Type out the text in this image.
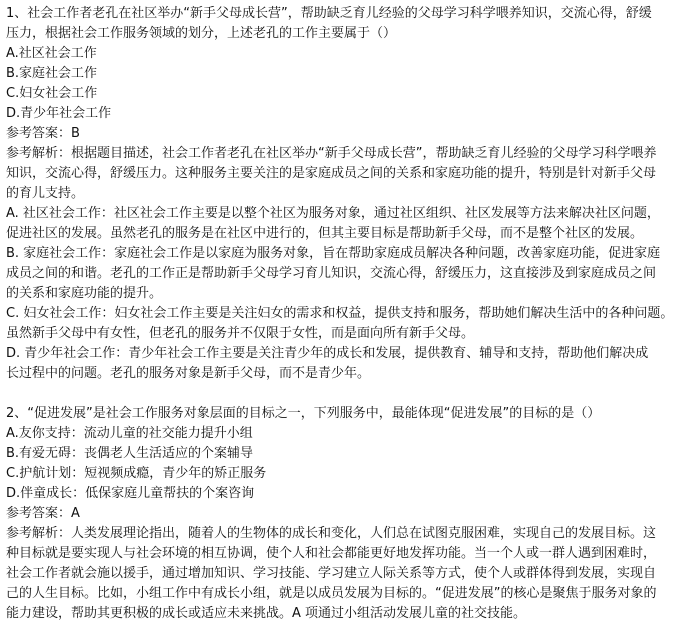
1、社会工作者老孔在社区举办“新手父母成长营”，帮助缺乏育儿经验的父母学习科学喂养知识，交流心得，舒缓
压力，根据社会工作服务领域的划分，上述老孔的工作主要属于（）
A.社区社会工作
B.家庭社会工作
C.妇女社会工作
D.青少年社会工作
参考答案：B
参考解析：根据题目描述，社会工作者老孔在社区举办“新手父母成长营”，帮助缺乏育儿经验的父母学习科学喂养
知识，交流心得，舒缓压力。这种服务主要关注的是家庭成员之间的关系和家庭功能的提升，特别是针对新手父母
的育儿支持。
A. 社区社会工作：社区社会工作主要是以整个社区为服务对象，通过社区组织、社区发展等方法来解决社区问题，
促进社区的发展。虽然老孔的服务是在社区中进行的，但其主要目标是帮助新手父母，而不是整个社区的发展。
B. 家庭社会工作：家庭社会工作是以家庭为服务对象，旨在帮助家庭成员解决各种问题，改善家庭功能，促进家庭
成员之间的和谐。老孔的工作正是帮助新手父母学习育儿知识，交流心得，舒缓压力，这直接涉及到家庭成员之间
的关系和家庭功能的提升。
C. 妇女社会工作：妇女社会工作主要是关注妇女的需求和权益，提供支持和服务，帮助她们解决生活中的各种问题。
虽然新手父母中有女性，但老孔的服务并不仅限于女性，而是面向所有新手父母。
D. 青少年社会工作：青少年社会工作主要是关注青少年的成长和发展，提供教育、辅导和支持，帮助他们解决成
长过程中的问题。老孔的服务对象是新手父母，而不是青少年。
2、“促进发展”是社会工作服务对象层面的目标之一，下列服务中，最能体现“促进发展”的目标的是（）
A.友你支持：流动儿童的社交能力提升小组
B.有爱无碍：丧偶老人生活适应的个案辅导
C.护航计划：短视频成瘾，青少年的矫正服务
D.伴童成长：低保家庭儿童帮扶的个案咨询
参考答案：A
参考解析：人类发展理论指出，随着人的生物体的成长和变化，人们总在试图克服困难，实现自己的发展目标。这
种目标就是要实现人与社会环境的相互协调，使个人和社会都能更好地发挥功能。当一个人或一群人遇到困难时，
社会工作者就会施以援手，通过增加知识、学习技能、学习建立人际关系等方式，使个人或群体得到发展，实现自
己的人生目标。比如，小组工作中有成长小组，就是以成员发展为目标的。“促进发展”的核心是聚焦于服务对象的
能力建设，帮助其更积极的成长或适应未来挑战。A 项通过小组活动发展儿童的社交技能。
